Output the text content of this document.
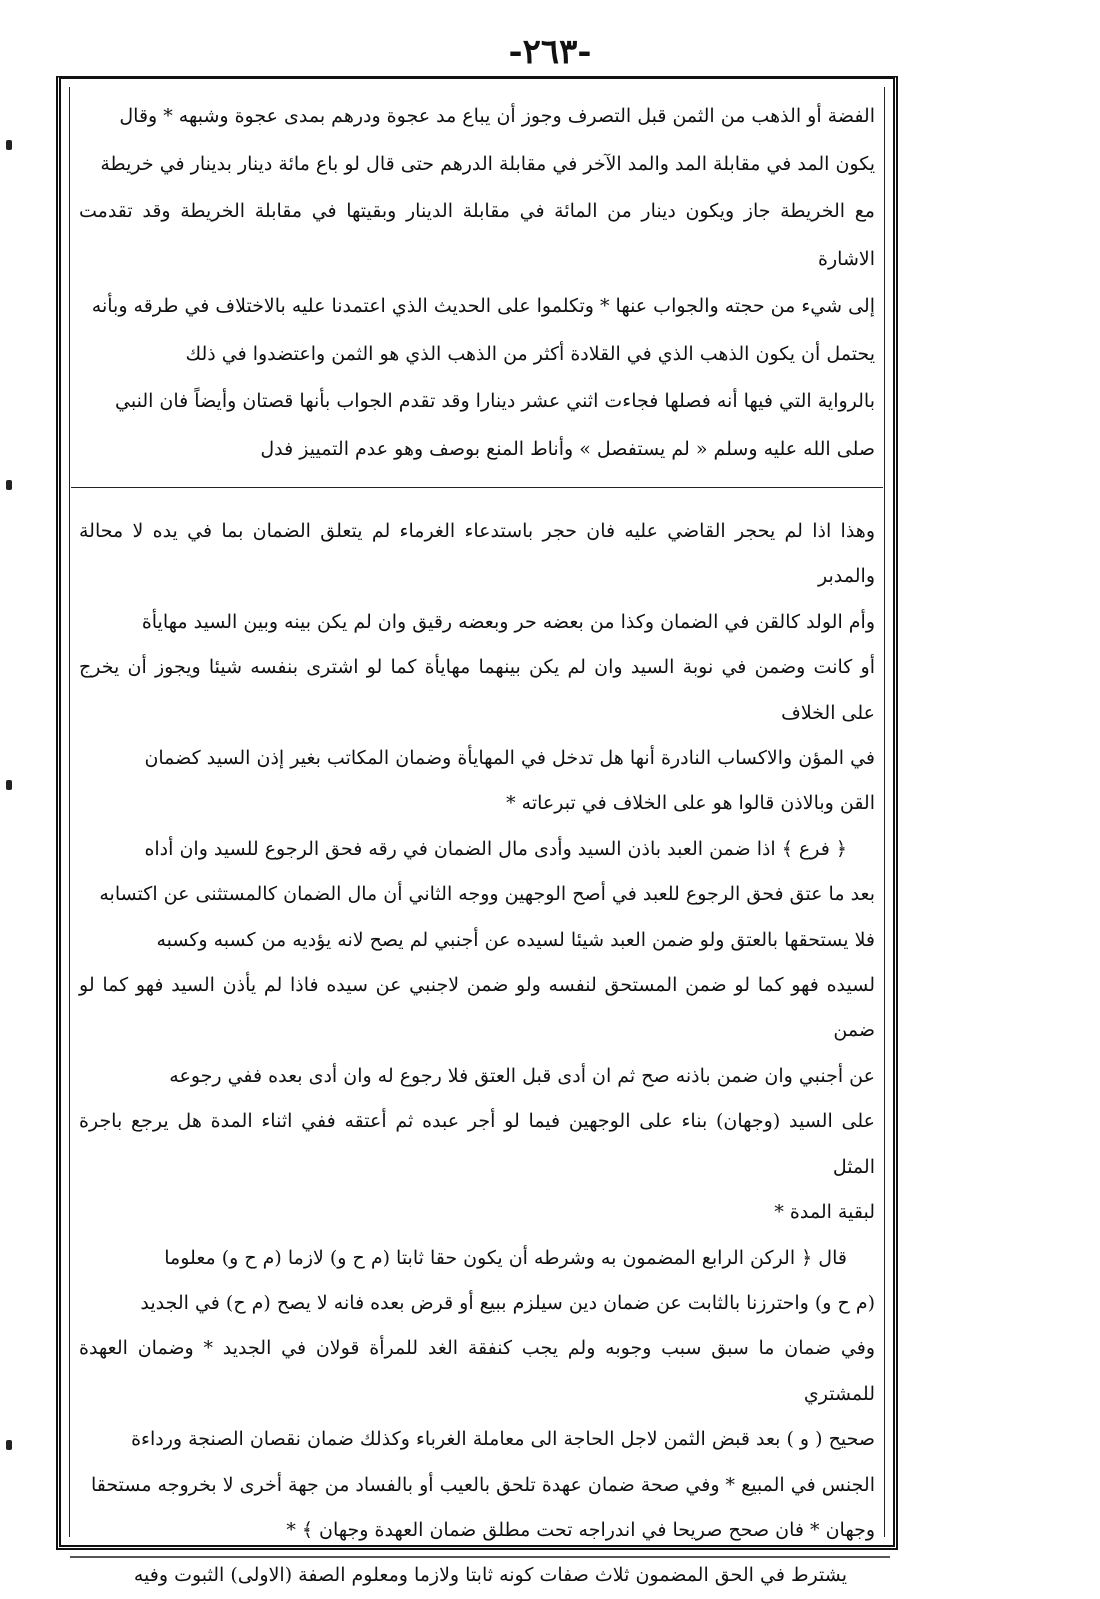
-٢٦٣-

الفضة أو الذهب من الثمن قبل التصرف وجوز أن يباع مد عجوة ودرهم بمدى عجوة وشبهه * وقال
يكون المد في مقابلة المد والمد الآخر في مقابلة الدرهم حتى قال لو باع مائة دينار بدينار في خريطة
مع الخريطة جاز ويكون دينار من المائة في مقابلة الدينار وبقيتها في مقابلة الخريطة وقد تقدمت الاشارة
إلى شيء من حجته والجواب عنها * وتكلموا على الحديث الذي اعتمدنا عليه بالاختلاف في طرقه وبأنه
يحتمل أن يكون الذهب الذي في القلادة أكثر من الذهب الذي هو الثمن واعتضدوا في ذلك
بالرواية التي فيها أنه فصلها فجاءت اثني عشر دينارا وقد تقدم الجواب بأنها قصتان وأيضاً فان النبي
صلى الله عليه وسلم « لم يستفصل » وأناط المنع بوصف وهو عدم التمييز فدل

وهذا اذا لم يحجر القاضي عليه فان حجر باستدعاء الغرماء لم يتعلق الضمان بما في يده لا محالة والمدبر
وأم الولد كالقن في الضمان وكذا من بعضه حر وبعضه رقيق وان لم يكن بينه وبين السيد مهايأة
أو كانت وضمن في نوبة السيد وان لم يكن بينهما مهايأة كما لو اشترى بنفسه شيئا ويجوز أن يخرج على الخلاف
في المؤن والاكساب النادرة أنها هل تدخل في المهايأة وضمان المكاتب بغير إذن السيد كضمان
القن وبالاذن قالوا هو على الخلاف في تبرعاته *

﴿ فرع ﴾ اذا ضمن العبد باذن السيد وأدى مال الضمان في رقه فحق الرجوع للسيد وان أداه
بعد ما عتق فحق الرجوع للعبد في أصح الوجهين ووجه الثاني أن مال الضمان كالمستثنى عن اكتسابه
فلا يستحقها بالعتق ولو ضمن العبد شيئا لسيده عن أجنبي لم يصح لانه يؤديه من كسبه وكسبه
لسيده فهو كما لو ضمن المستحق لنفسه ولو ضمن لاجنبي عن سيده فاذا لم يأذن السيد فهو كما لو ضمن
عن أجنبي وان ضمن باذنه صح ثم ان أدى قبل العتق فلا رجوع له وان أدى بعده ففي رجوعه
على السيد (وجهان) بناء على الوجهين فيما لو أجر عبده ثم أعتقه ففي اثناء المدة هل يرجع باجرة المثل
لبقية المدة *

قال ﴿ الركن الرابع المضمون به وشرطه أن يكون حقا ثابتا (م ح و) لازما (م ح و) معلوما
(م ح و) واحترزنا بالثابت عن ضمان دين سيلزم ببيع أو قرض بعده فانه لا يصح (م ح) في الجديد
وفي ضمان ما سبق سبب وجوبه ولم يجب كنفقة الغد للمرأة قولان في الجديد * وضمان العهدة للمشتري
صحيح ( و ) بعد قبض الثمن لاجل الحاجة الى معاملة الغرباء وكذلك ضمان نقصان الصنجة ورداءة
الجنس في المبيع * وفي صحة ضمان عهدة تلحق بالعيب أو بالفساد من جهة أخرى لا بخروجه مستحقا
وجهان * فان صحح صريحا في اندراجه تحت مطلق ضمان العهدة وجهان ﴾ *

يشترط في الحق المضمون ثلاث صفات كونه ثابتا ولازما ومعلوم الصفة (الاولى) الثبوت وفيه
